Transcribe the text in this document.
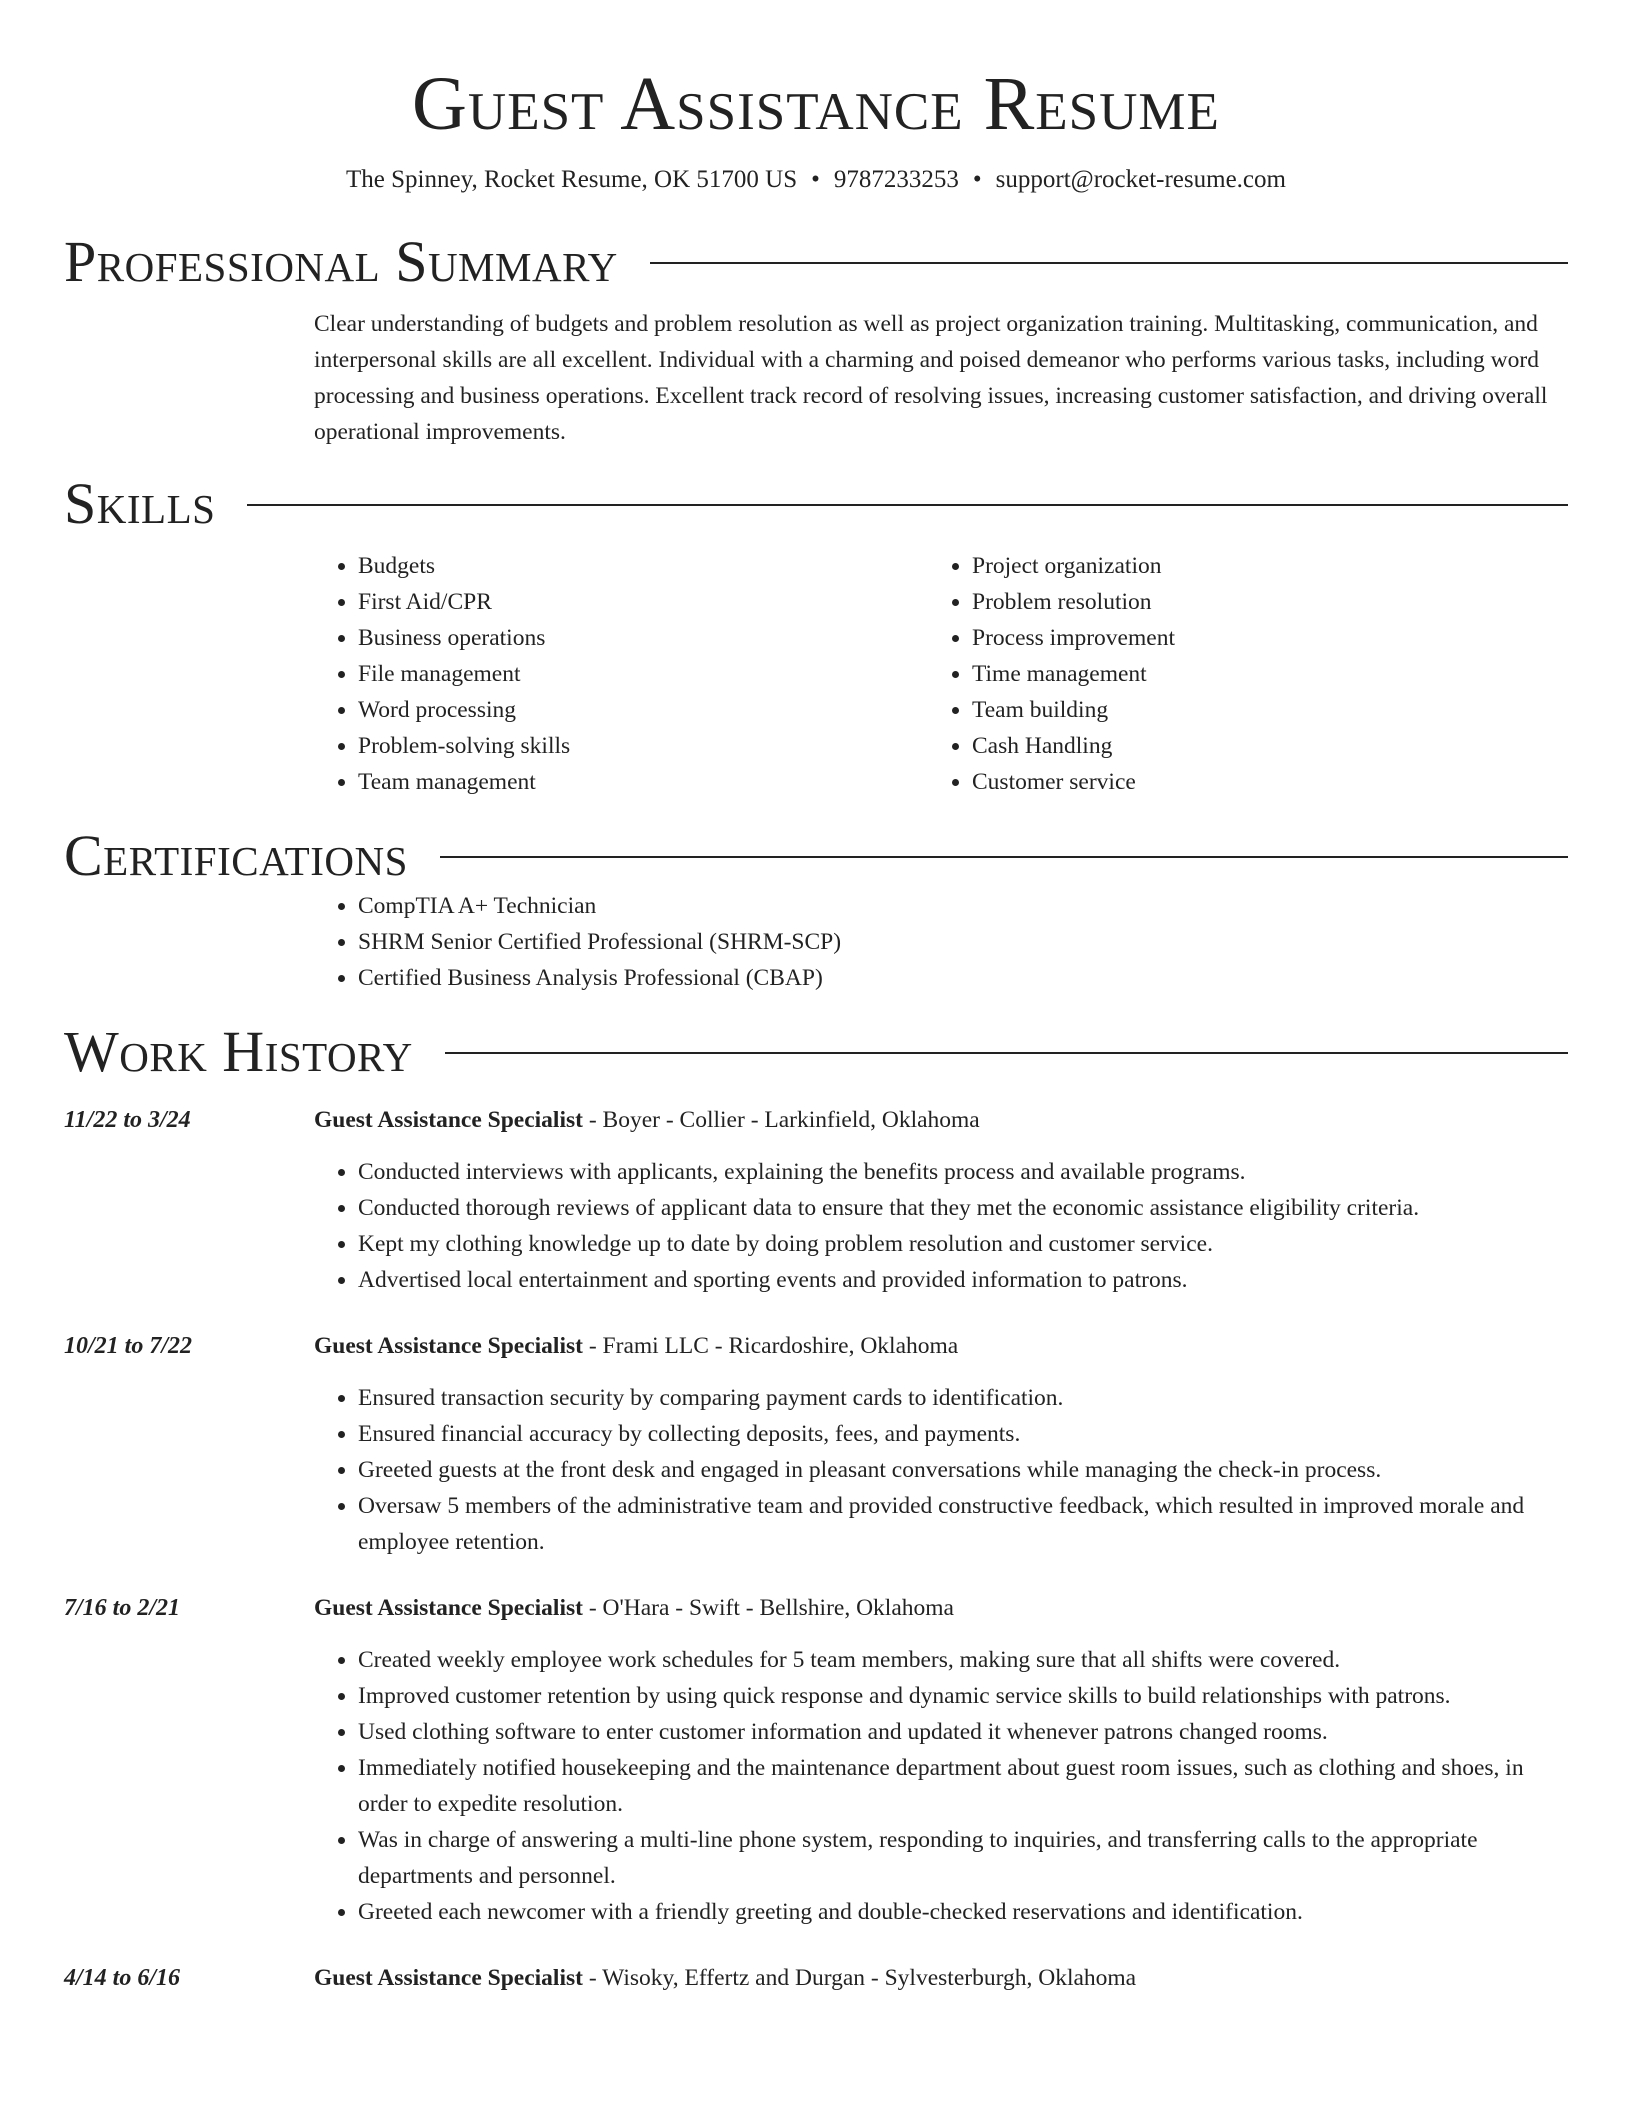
Guest Assistance Resume
The Spinney, Rocket Resume, OK 51700 US • 9787233253 • support@rocket-resume.com
Professional Summary

Clear understanding of budgets and problem resolution as well as project organization training. Multitasking, communication, and interpersonal skills are all excellent. Individual with a charming and poised demeanor who performs various tasks, including word processing and business operations. Excellent track record of resolving issues, increasing customer satisfaction, and driving overall operational improvements.

Skills
• Budgets
• First Aid/CPR
• Business operations
• File management
• Word processing
• Problem-solving skills
• Team management
• Project organization
• Problem resolution
• Process improvement
• Time management
• Team building
• Cash Handling
• Customer service
Certifications
• CompTIA A+ Technician
• SHRM Senior Certified Professional (SHRM-SCP)
• Certified Business Analysis Professional (CBAP)
Work History
11/22 to 3/24	Guest Assistance Specialist - Boyer - Collier - Larkinfield, Oklahoma
• Conducted interviews with applicants, explaining the benefits process and available programs.
• Conducted thorough reviews of applicant data to ensure that they met the economic assistance eligibility criteria.
• Kept my clothing knowledge up to date by doing problem resolution and customer service.
• Advertised local entertainment and sporting events and provided information to patrons.
10/21 to 7/22	Guest Assistance Specialist - Frami LLC - Ricardoshire, Oklahoma
• Ensured transaction security by comparing payment cards to identification.
• Ensured financial accuracy by collecting deposits, fees, and payments.
• Greeted guests at the front desk and engaged in pleasant conversations while managing the check-in process.
• Oversaw 5 members of the administrative team and provided constructive feedback, which resulted in improved morale and employee retention.
7/16 to 2/21	Guest Assistance Specialist - O'Hara - Swift - Bellshire, Oklahoma
• Created weekly employee work schedules for 5 team members, making sure that all shifts were covered.
• Improved customer retention by using quick response and dynamic service skills to build relationships with patrons.
• Used clothing software to enter customer information and updated it whenever patrons changed rooms.
• Immediately notified housekeeping and the maintenance department about guest room issues, such as clothing and shoes, in order to expedite resolution.
• Was in charge of answering a multi-line phone system, responding to inquiries, and transferring calls to the appropriate departments and personnel.
• Greeted each newcomer with a friendly greeting and double-checked reservations and identification.
4/14 to 6/16	Guest Assistance Specialist - Wisoky, Effertz and Durgan - Sylvesterburgh, Oklahoma
